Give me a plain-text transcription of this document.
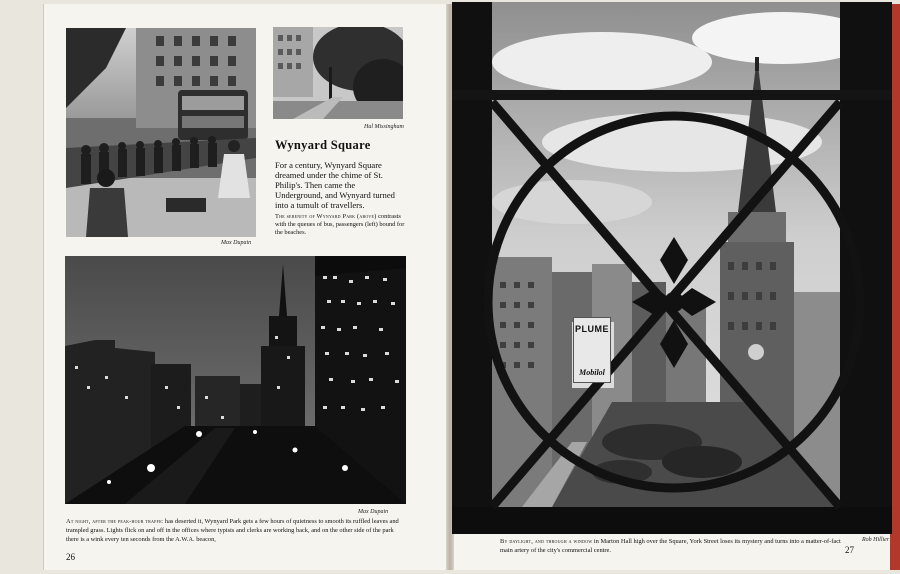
Max Dupain
Hal Missingham
Wynyard Square
For a century, Wynyard Square dreamed under the chime of St. Philip's. Then came the Underground, and Wynyard turned into a tumult of travellers.
The serenity of Wynyard Park (above) contrasts with the queues of bus, passengers (left) bound for the beaches.
Max Dupain
At night, after the peak-hour traffic has deserted it, Wynyard Park gets a few hours of quietness to smooth its ruffled leaves and trampled grass. Lights flick on and off in the offices where typists and clerks are working back, and on the other side of the park there is a wink every ten seconds from the A.W.A. beacon,
26
PLUME
Mobilol
Rob Hillier
By daylight, and through a window in Marton Hall high over the Square, York Street loses its mystery and turns into a matter-of-fact main artery of the city's commercial centre.	27
